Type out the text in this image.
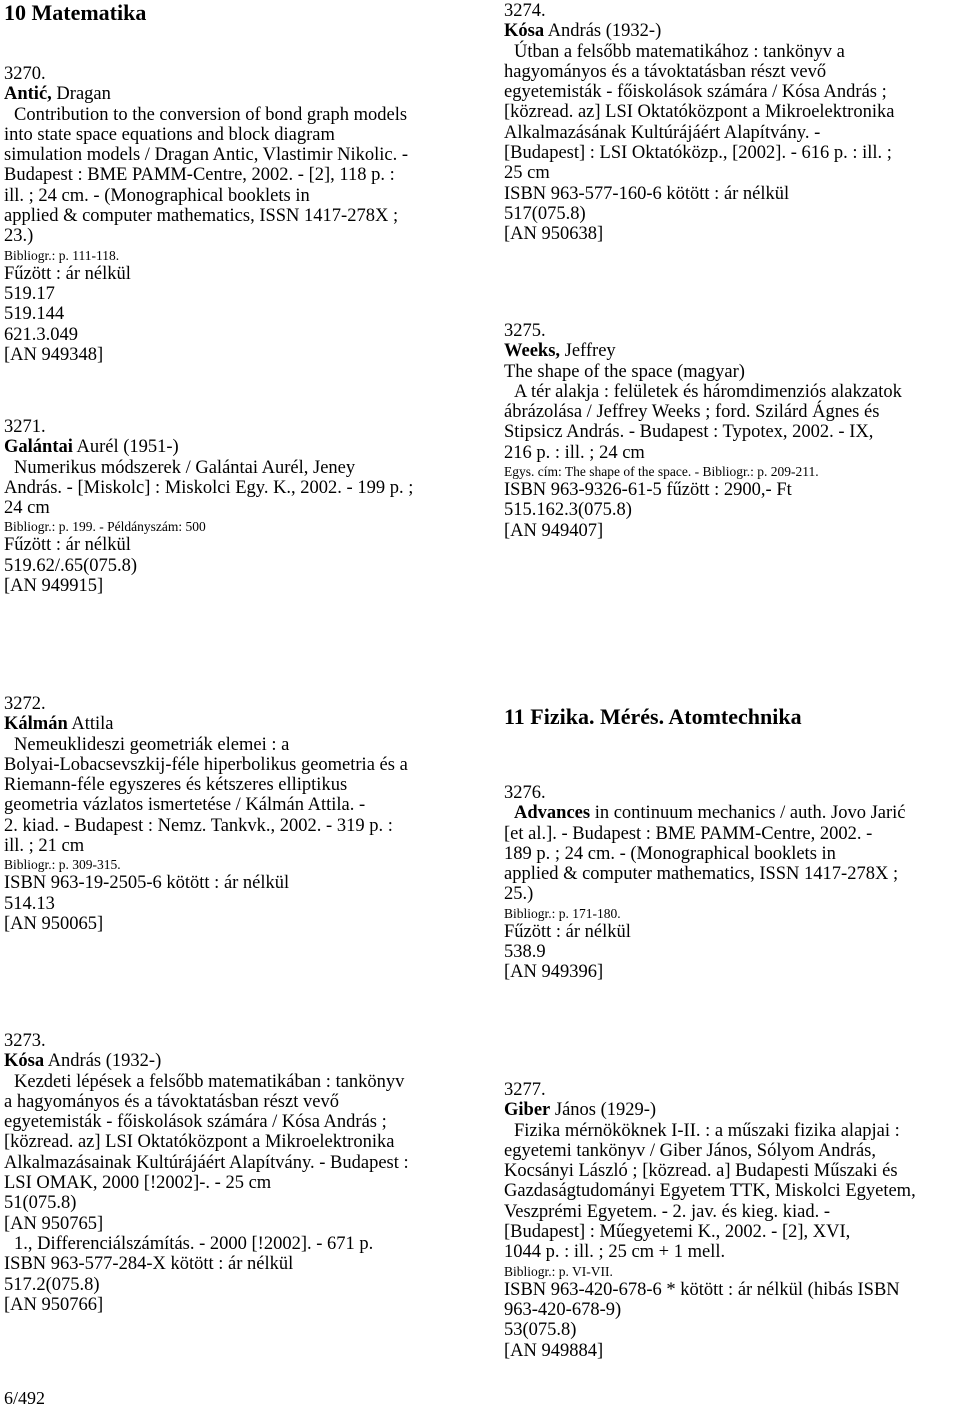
10 Matematika
3270.
Antić, Dragan
Contribution to the conversion of bond graph models
into state space equations and block diagram
simulation models / Dragan Antic, Vlastimir Nikolic. -
Budapest : BME PAMM-Centre, 2002. - [2], 118 p. :
ill. ; 24 cm. - (Monographical booklets in
applied & computer mathematics, ISSN 1417-278X ;
23.)
Bibliogr.: p. 111-118.
Fűzött : ár nélkül
519.17
519.144
621.3.049
[AN 949348]
3271.
Galántai Aurél (1951-)
Numerikus módszerek / Galántai Aurél, Jeney
András. - [Miskolc] : Miskolci Egy. K., 2002. - 199 p. ;
24 cm
Bibliogr.: p. 199. - Példányszám: 500
Fűzött : ár nélkül
519.62/.65(075.8)
[AN 949915]
3272.
Kálmán Attila
Nemeuklideszi geometriák elemei : a
Bolyai-Lobacsevszkij-féle hiperbolikus geometria és a
Riemann-féle egyszeres és kétszeres elliptikus
geometria vázlatos ismertetése / Kálmán Attila. -
2. kiad. - Budapest : Nemz. Tankvk., 2002. - 319 p. :
ill. ; 21 cm
Bibliogr.: p. 309-315.
ISBN 963-19-2505-6 kötött : ár nélkül
514.13
[AN 950065]
3273.
Kósa András (1932-)
Kezdeti lépések a felsőbb matematikában : tankönyv
a hagyományos és a távoktatásban részt vevő
egyetemisták - főiskolások számára / Kósa András ;
[közread. az] LSI Oktatóközpont a Mikroelektronika
Alkalmazásainak Kultúrájáért Alapítvány. - Budapest :
LSI OMAK, 2000 [!2002]-. - 25 cm
51(075.8)
[AN 950765]
1., Differenciálszámítás. - 2000 [!2002]. - 671 p.
ISBN 963-577-284-X kötött : ár nélkül
517.2(075.8)
[AN 950766]
3274.
Kósa András (1932-)
Útban a felsőbb matematikához : tankönyv a
hagyományos és a távoktatásban részt vevő
egyetemisták - főiskolások számára / Kósa András ;
[közread. az] LSI Oktatóközpont a Mikroelektronika
Alkalmazásának Kultúrájáért Alapítvány. -
[Budapest] : LSI Oktatóközp., [2002]. - 616 p. : ill. ;
25 cm
ISBN 963-577-160-6 kötött : ár nélkül
517(075.8)
[AN 950638]
3275.
Weeks, Jeffrey
The shape of the space (magyar)
A tér alakja : felületek és háromdimenziós alakzatok
ábrázolása / Jeffrey Weeks ; ford. Szilárd Ágnes és
Stipsicz András. - Budapest : Typotex, 2002. - IX,
216 p. : ill. ; 24 cm
Egys. cím: The shape of the space. - Bibliogr.: p. 209-211.
ISBN 963-9326-61-5 fűzött : 2900,- Ft
515.162.3(075.8)
[AN 949407]
11 Fizika. Mérés. Atomtechnika
3276.
Advances in continuum mechanics / auth. Jovo Jarić
[et al.]. - Budapest : BME PAMM-Centre, 2002. -
189 p. ; 24 cm. - (Monographical booklets in
applied & computer mathematics, ISSN 1417-278X ;
25.)
Bibliogr.: p. 171-180.
Fűzött : ár nélkül
538.9
[AN 949396]
3277.
Giber János (1929-)
Fizika mérnököknek I-II. : a műszaki fizika alapjai :
egyetemi tankönyv / Giber János, Sólyom András,
Kocsányi László ; [közread. a] Budapesti Műszaki és
Gazdaságtudományi Egyetem TTK, Miskolci Egyetem,
Veszprémi Egyetem. - 2. jav. és kieg. kiad. -
[Budapest] : Műegyetemi K., 2002. - [2], XVI,
1044 p. : ill. ; 25 cm + 1 mell.
Bibliogr.: p. VI-VII.
ISBN 963-420-678-6 * kötött : ár nélkül (hibás ISBN
963-420-678-9)
53(075.8)
[AN 949884]
6/492
